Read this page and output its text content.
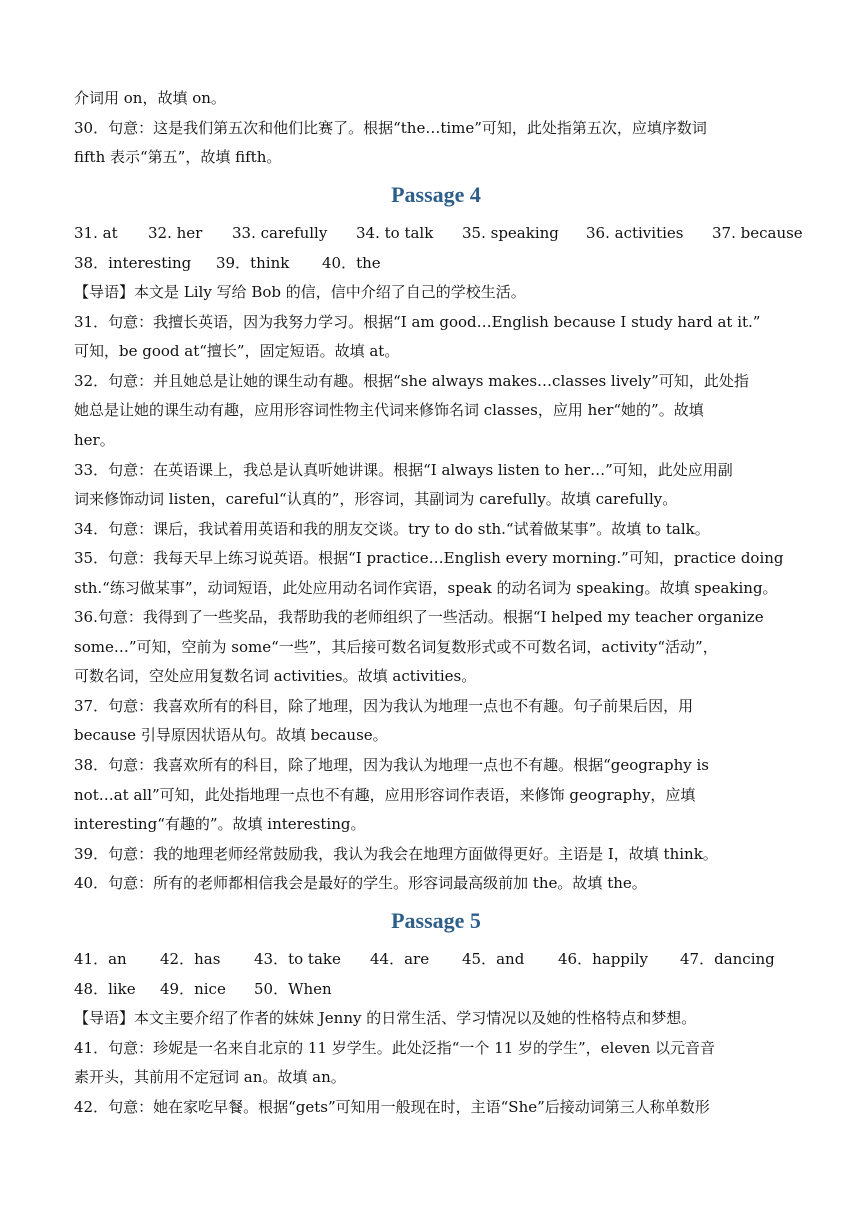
介词用 on，故填 on。
30．句意：这是我们第五次和他们比赛了。根据“the…time”可知，此处指第五次，应填序数词
fifth 表示“第五”，故填 fifth。
Passage 4
31. at 32. her 33. carefully 34. to talk 35. speaking 36. activities 37. because
38．interesting 39．think 40．the
【导语】本文是 Lily 写给 Bob 的信，信中介绍了自己的学校生活。
31．句意：我擅长英语，因为我努力学习。根据“I am good…English because I study hard at it.”
可知，be good at“擅长”，固定短语。故填 at。
32．句意：并且她总是让她的课生动有趣。根据“she always makes…classes lively”可知，此处指
她总是让她的课生动有趣，应用形容词性物主代词来修饰名词 classes，应用 her“她的”。故填
her。
33．句意：在英语课上，我总是认真听她讲课。根据“I always listen to her…”可知，此处应用副
词来修饰动词 listen，careful“认真的”，形容词，其副词为 carefully。故填 carefully。
34．句意：课后，我试着用英语和我的朋友交谈。try to do sth.“试着做某事”。故填 to talk。
35．句意：我每天早上练习说英语。根据“I practice…English every morning.”可知，practice doing
sth.“练习做某事”，动词短语，此处应用动名词作宾语，speak 的动名词为 speaking。故填 speaking。
36.句意：我得到了一些奖品，我帮助我的老师组织了一些活动。根据“I helped my teacher organize
some…”可知，空前为 some“一些”，其后接可数名词复数形式或不可数名词，activity“活动”，
可数名词，空处应用复数名词 activities。故填 activities。
37．句意：我喜欢所有的科目，除了地理，因为我认为地理一点也不有趣。句子前果后因，用
because 引导原因状语从句。故填 because。
38．句意：我喜欢所有的科目，除了地理，因为我认为地理一点也不有趣。根据“geography is
not…at all”可知，此处指地理一点也不有趣，应用形容词作表语，来修饰 geography，应填
interesting“有趣的”。故填 interesting。
39．句意：我的地理老师经常鼓励我，我认为我会在地理方面做得更好。主语是 I，故填 think。
40．句意：所有的老师都相信我会是最好的学生。形容词最高级前加 the。故填 the。
Passage 5
41．an 42．has 43．to take 44．are 45．and 46．happily 47．dancing
48．like 49．nice 50．When
【导语】本文主要介绍了作者的妹妹 Jenny 的日常生活、学习情况以及她的性格特点和梦想。
41．句意：珍妮是一名来自北京的 11 岁学生。此处泛指“一个 11 岁的学生”，eleven 以元音音
素开头，其前用不定冠词 an。故填 an。
42．句意：她在家吃早餐。根据“gets”可知用一般现在时，主语“She”后接动词第三人称单数形
